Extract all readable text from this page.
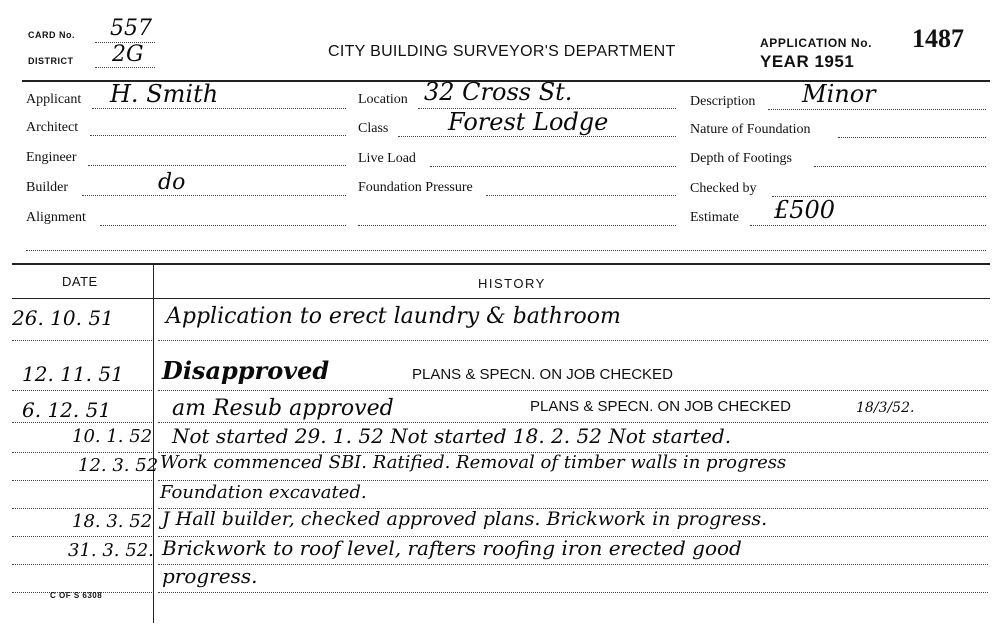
CARD No. 557
DISTRICT 2G	CITY BUILDING SURVEYOR'S DEPARTMENT	APPLICATION No. 1487
YEAR 1951
Applicant H. Smith
Architect
Engineer
Builder	do
Alignment
Location 32 Cross St.
Class Forest Lodge
Live Load
Foundation Pressure
Description Minor
Nature of Foundation
Depth of Footings
Checked by
Estimate £500
DATE	HISTORY
26. 10. 51 Application to erect laundry & bathroom
12. 11. 51 Disapproved	PLANS & SPECN. ON JOB CHECKED
6. 12. 51	am Resub approved	PLANS & SPECN. ON JOB CHECKED	18/3/52.
10. 1. 52 Not started 29. 1. 52 Not started 18. 2. 52 Not started.
12. 3. 52 Work commenced SBI. Ratified. Removal of timber walls in progress
Foundation excavated.
18. 3. 52 J Hall builder, checked approved plans. Brickwork in progress.
31. 3. 52. Brickwork to roof level, rafters roofing iron erected good
progress.
C OF S 6308
